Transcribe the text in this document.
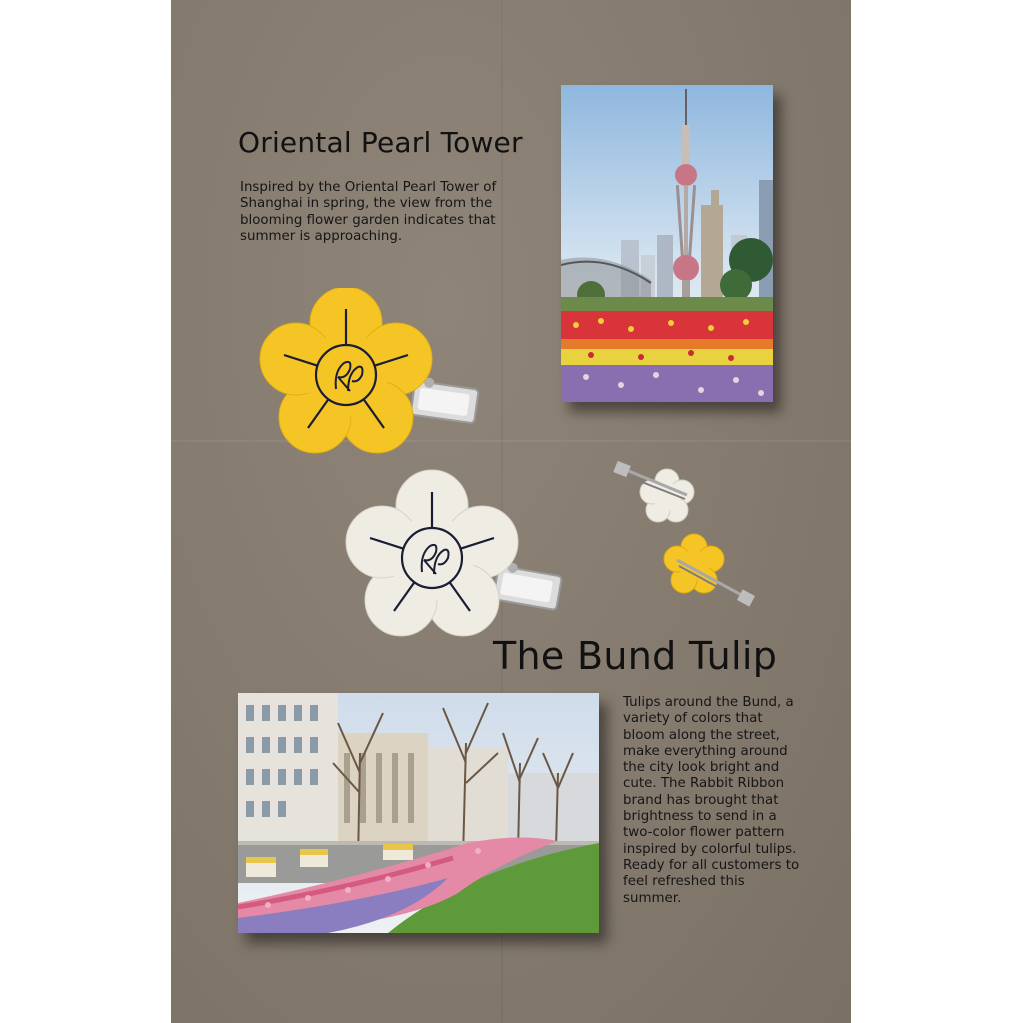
Oriental Pearl Tower

Inspired by the Oriental Pearl Tower of Shanghai in spring, the view from the blooming flower garden indicates that summer is approaching.

The Bund Tulip

Tulips around the Bund, a variety of colors that bloom along the street, make everything around the city look bright and cute. The Rabbit Ribbon brand has brought that brightness to send in a two-color flower pattern inspired by colorful tulips. Ready for all customers to feel refreshed this summer.
